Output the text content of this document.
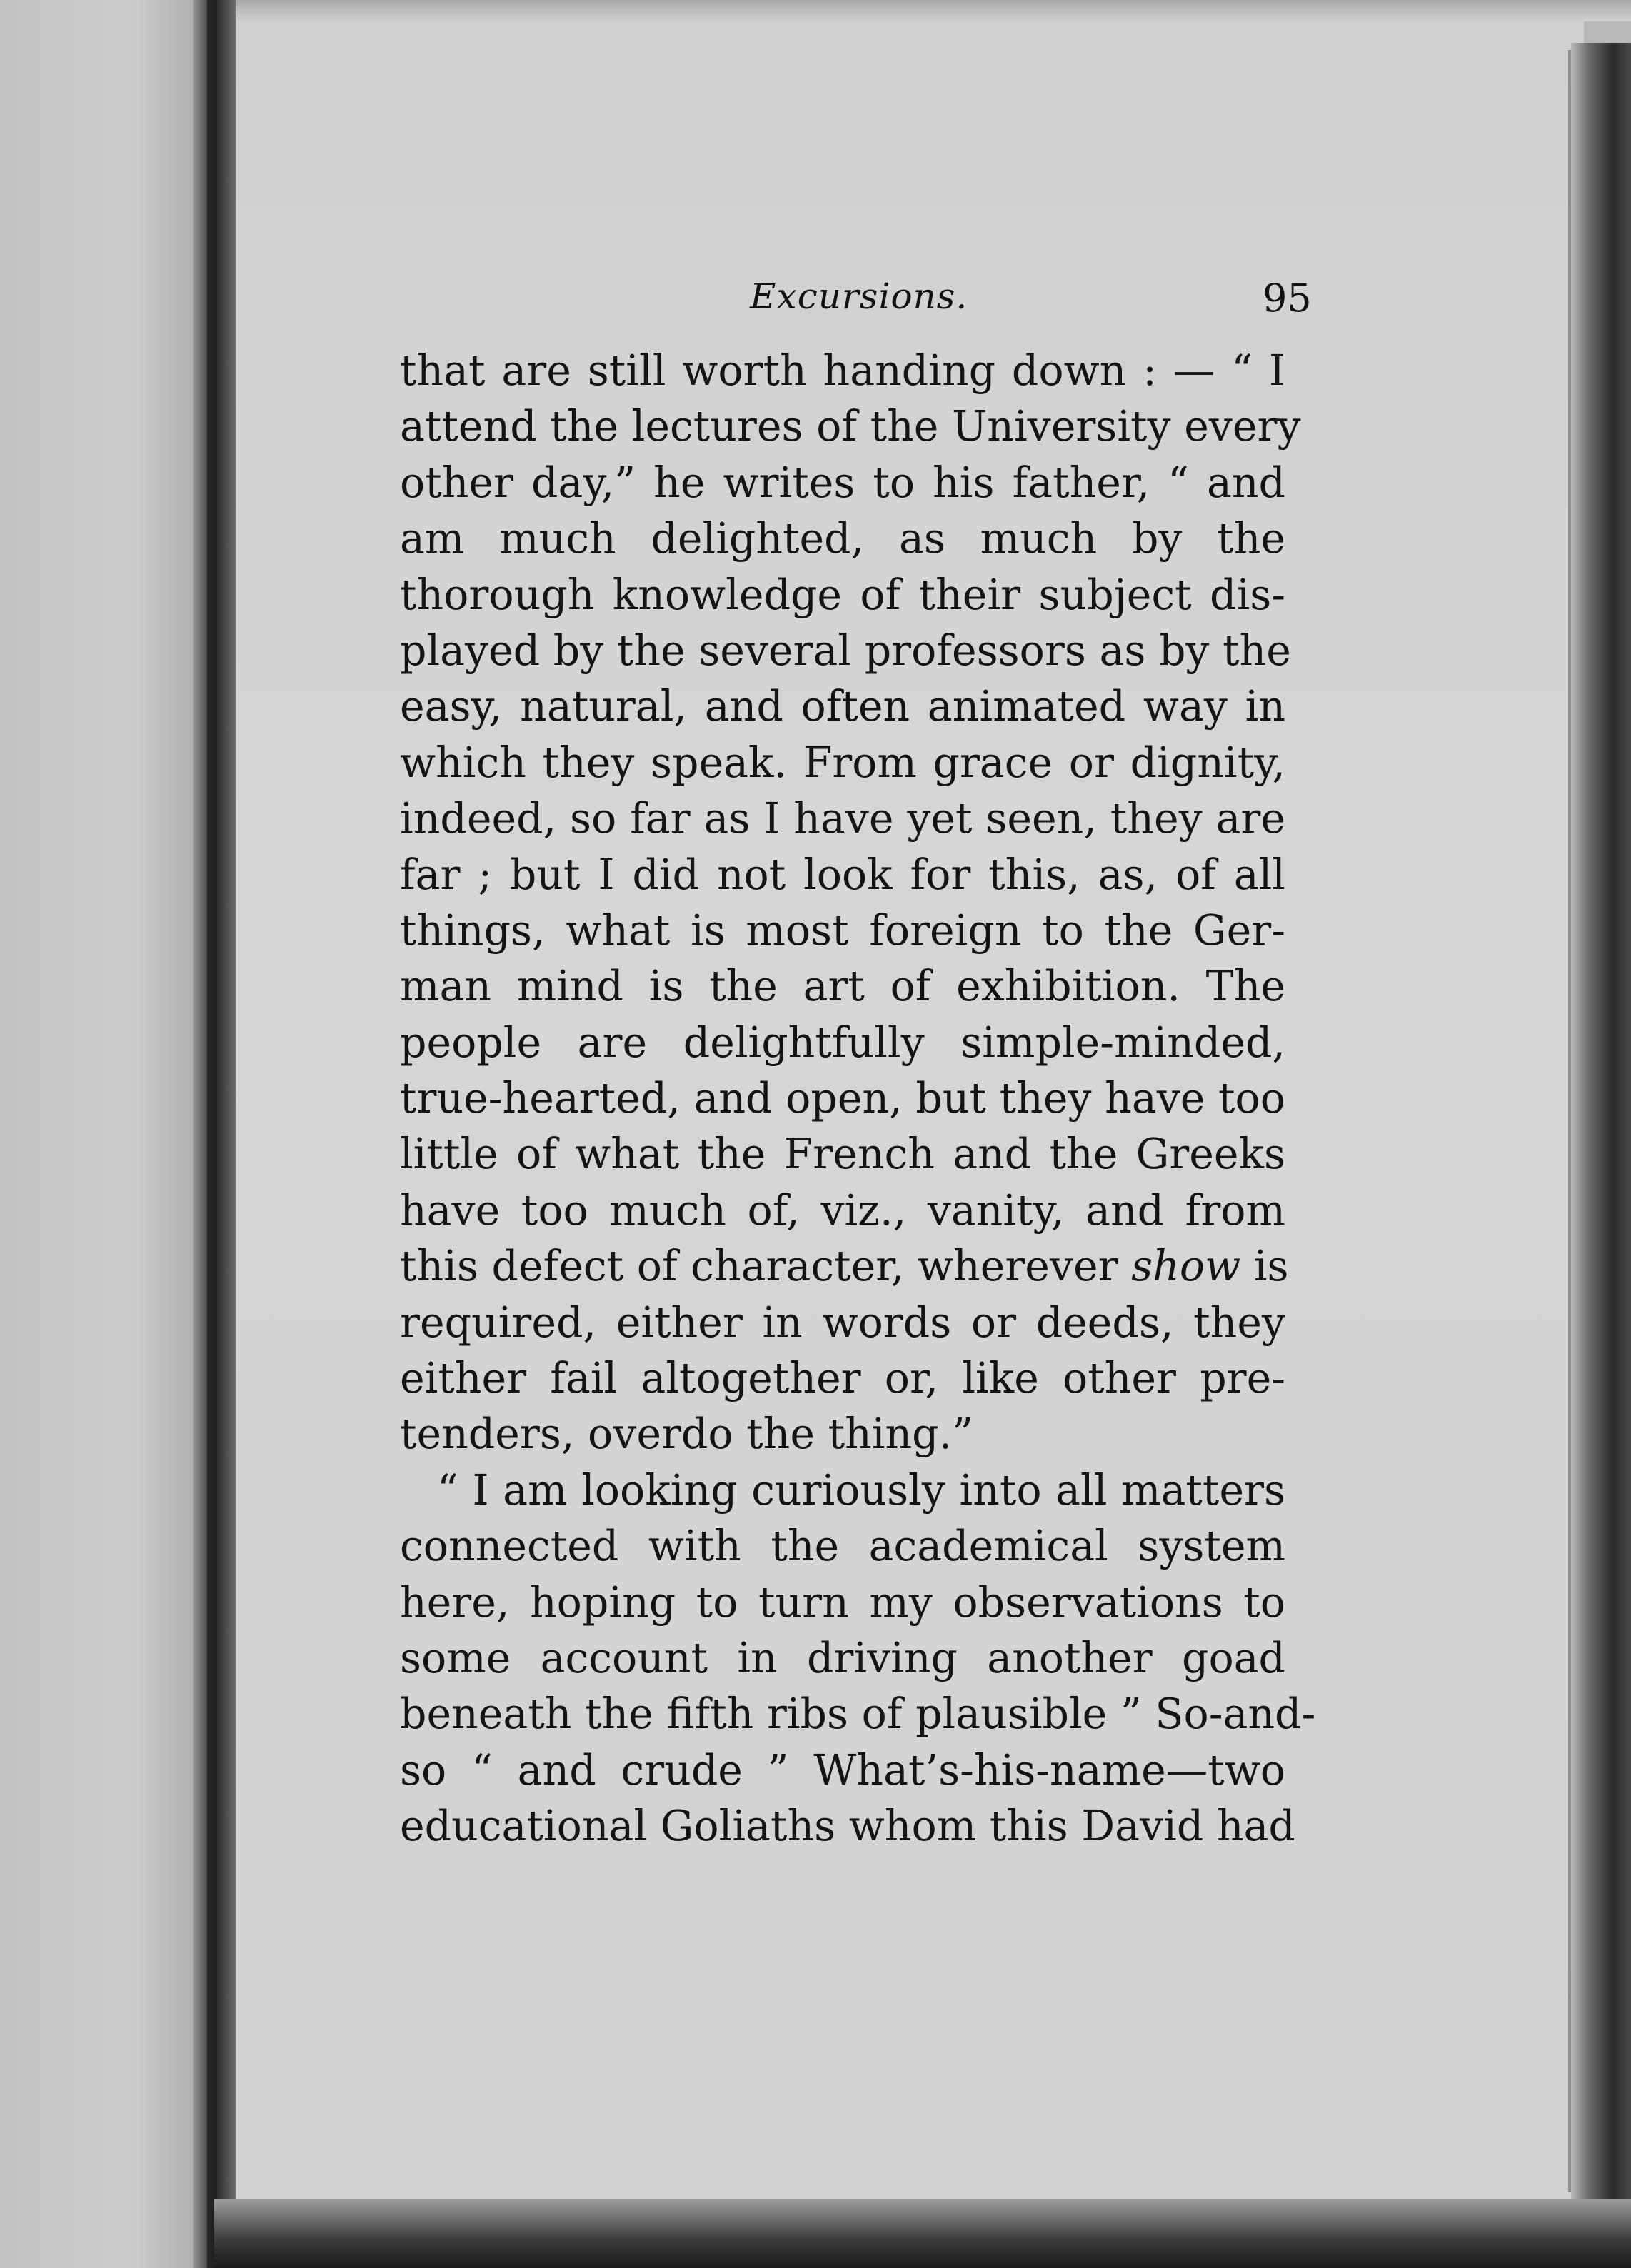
Excursions.	95
that are still worth handing down : — “ I
attend the lectures of the University every
other day,” he writes to his father, “ and
am much delighted, as much by the
thorough knowledge of their subject dis-
played by the several professors as by the
easy, natural, and often animated way in
which they speak. From grace or dignity,
indeed, so far as I have yet seen, they are
far ; but I did not look for this, as, of all
things, what is most foreign to the Ger-
man mind is the art of exhibition. The
people are delightfully simple-minded,
true-hearted, and open, but they have too
little of what the French and the Greeks
have too much of, viz., vanity, and from
this defect of character, wherever show is
required, either in words or deeds, they
either fail altogether or, like other pre-
tenders, overdo the thing.”
“ I am looking curiously into all matters
connected with the academical system
here, hoping to turn my observations to
some account in driving another goad
beneath the fifth ribs of plausible ” So-and-
so “ and crude ” What’s-his-name—two
educational Goliaths whom this David had
